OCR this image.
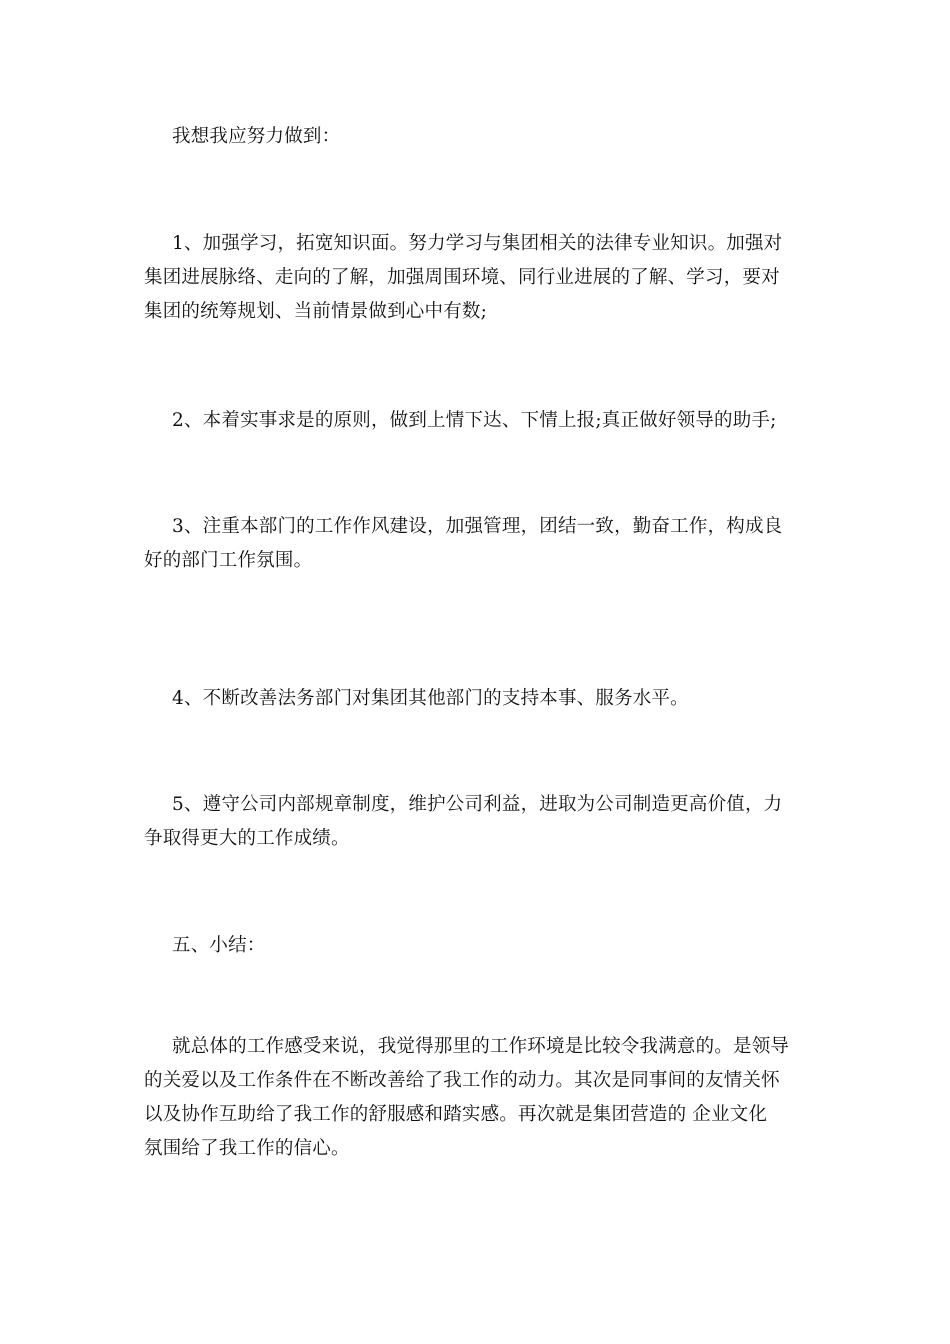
我想我应努力做到：
1、加强学习，拓宽知识面。努力学习与集团相关的法律专业知识。加强对
集团进展脉络、走向的了解，加强周围环境、同行业进展的了解、学习，要对
集团的统筹规划、当前情景做到心中有数;
2、本着实事求是的原则，做到上情下达、下情上报;真正做好领导的助手;
3、注重本部门的工作作风建设，加强管理，团结一致，勤奋工作，构成良
好的部门工作氛围。
4、不断改善法务部门对集团其他部门的支持本事、服务水平。
5、遵守公司内部规章制度，维护公司利益，进取为公司制造更高价值，力
争取得更大的工作成绩。
五、小结：
就总体的工作感受来说，我觉得那里的工作环境是比较令我满意的。是领导
的关爱以及工作条件在不断改善给了我工作的动力。其次是同事间的友情关怀
以及协作互助给了我工作的舒服感和踏实感。再次就是集团营造的 企业文化
氛围给了我工作的信心。
